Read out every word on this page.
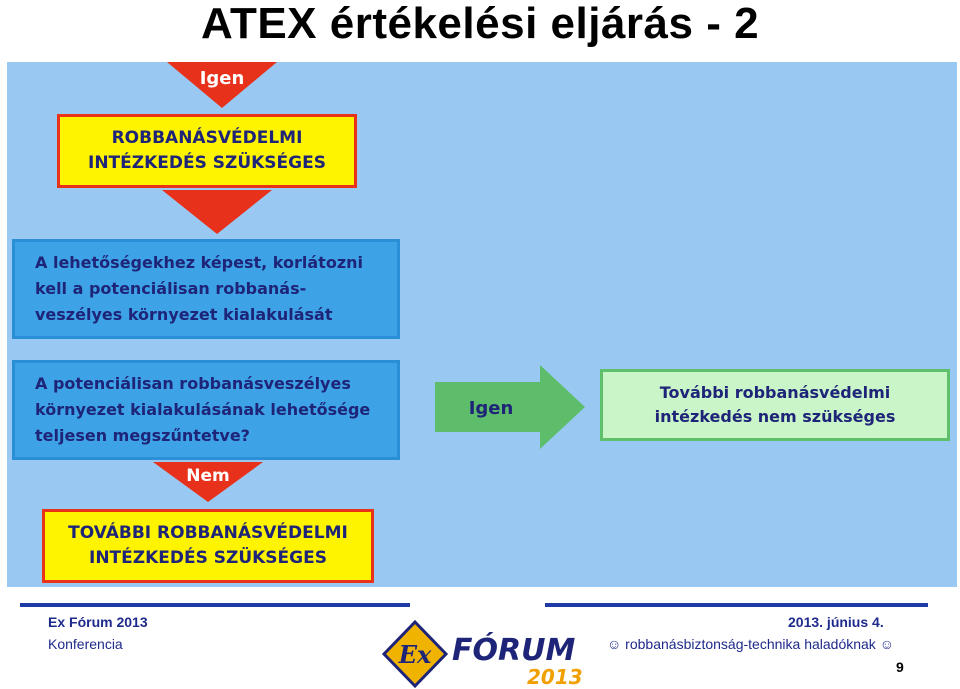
ATEX értékelési eljárás - 2
Igen
ROBBANÁSVÉDELMI
INTÉZKEDÉS SZÜKSÉGES
A lehetőségekhez képest, korlátozni
kell a potenciálisan robbanás-
veszélyes környezet kialakulását
A potenciálisan robbanásveszélyes
környezet kialakulásának lehetősége
teljesen megszűntetve?
Igen
További robbanásvédelmi
intézkedés nem szükséges
Nem
TOVÁBBI ROBBANÁSVÉDELMI
INTÉZKEDÉS SZÜKSÉGES
Ex Fórum 2013
Konferencia	Ex FÓRUM
2013
2013. június 4.
☺ robbanásbiztonság-technika haladóknak ☺
9
